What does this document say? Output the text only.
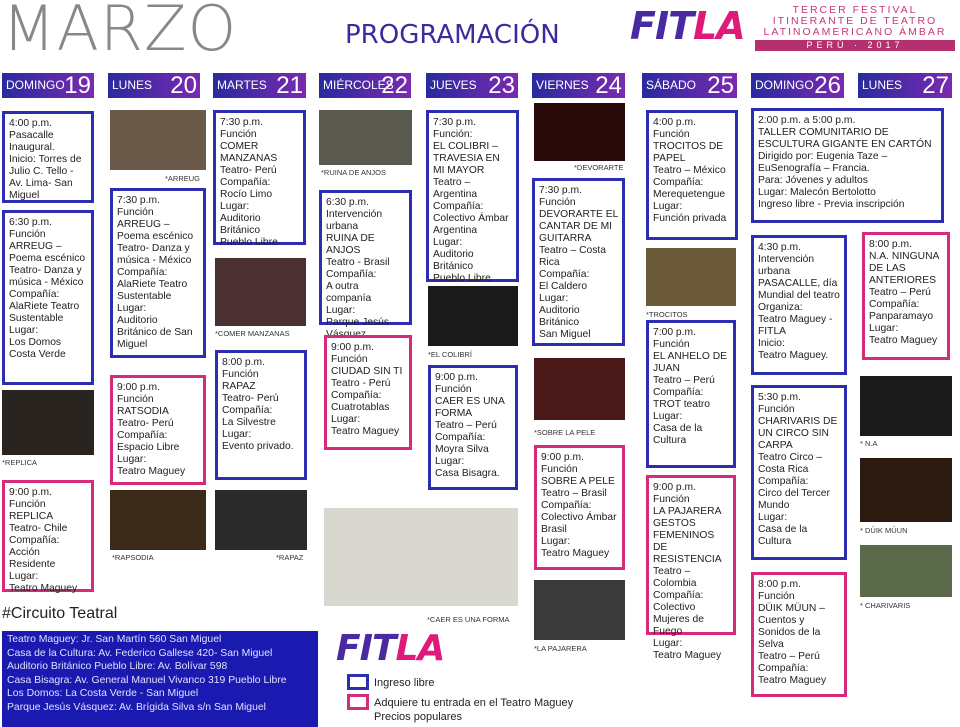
MARZO	PROGRAMACIÓN FITLA	TERCER FESTIVAL
ITINERANTE DE TEATRO
LATINOAMERICANO ÁMBAR
PERÚ · 2017
DOMINGO 19	LUNES 20	MARTES 21	MIÉRCOLES
22	JUEVES 23	VIERNES 24	SÁBADO 25	DOMINGO 26	LUNES 27
4:00 p.m.
Pasacalle Inaugural.
Inicio: Torres de Julio C. Tello - Av. Lima- San Miguel
6:30 p.m.
Función
ARREUG – Poema escénico
Teatro- Danza y música - México
Compañía:
AlaRiete Teatro Sustentable
Lugar:
Los Domos
Costa Verde
9:00 p.m.
Función
REPLICA
Teatro- Chile
Compañía:
Acción Residente
Lugar:
Teatro Maguey
7:30 p.m.
Función
ARREUG – Poema escénico
Teatro- Danza y música - México
Compañía:
AlaRiete Teatro Sustentable
Lugar:
Auditorio Británico de San Miguel
9:00 p.m.
Función
RATSODIA
Teatro- Perú
Compañía:
Espacio Libre
Lugar:
Teatro Maguey
7:30 p.m.
Función
COMER MANZANAS
Teatro- Perú
Compañía:
Rocío Limo
Lugar:
Auditorio Británico
Pueblo Libre
8:00 p.m.
Función
RAPAZ
Teatro- Perú
Compañía:
La Silvestre
Lugar:
Evento privado.
6:30 p.m.
Intervención urbana
RUINA DE ANJOS
Teatro - Brasil
Compañía:
A outra companía
Lugar:
Parque Jesús
9:00 p.m.
Función
CIUDAD SIN TI
Teatro - Perú
Compañía:
Cuatrotablas
Lugar:
Teatro Maguey
7:30 p.m.
Función:
EL COLIBRI – TRAVESIA EN MI MAYOR
Teatro – Argentina
Compañía:
Colectivo Ámbar Argentina
Lugar:
Auditorio Británico
Pueblo Libre
9:00 p.m.
Función
CAER ES UNA FORMA
Teatro – Perú
Compañía:
Moyra Silva
Lugar:
Casa Bisagra.
7:30 p.m.
Función
DEVORARTE EL CANTAR DE MI GUITARRA
Teatro – Costa Rica
Compañía:
El Caldero
Lugar:
Auditorio Británico
San Miguel
9:00 p.m.
Función
SOBRE A PELE
Teatro – Brasil
Compañía:
Colectivo Ámbar Brasil
Lugar:
Teatro Maguey
4:00 p.m.
Función
TROCITOS DE PAPEL
Teatro – México
Compañía:
Merequetengue
Lugar:
Función privada
7:00 p.m.
Función
EL ANHELO DE JUAN
Teatro – Perú
Compañía:
TROT teatro
Lugar:
Casa de la Cultura
9:00 p.m.
Función
LA PAJARERA GESTOS FEMENINOS DE RESISTENCIA
Teatro – Colombia
Compañía:
Colectivo Mujeres de Fuego
Lugar:
Teatro Maguey
2:00 p.m. a 5:00 p.m.
TALLER COMUNITARIO DE ESCULTURA GIGANTE EN CARTÓN
Dirigido por: Eugenia Taze – EuSenografía – Francia.
Para: Jóvenes y adultos
Lugar: Malecón Bertolotto
Ingreso libre - Previa inscripción
4:30 p.m.
Intervención urbana
PASACALLE, día Mundial del teatro
Organiza:
Teatro Maguey - FITLA
Inicio:
Teatro Maguey.
5:30 p.m.
Función
CHARIVARIS DE UN CIRCO SIN CARPA
Teatro Circo – Costa Rica
Compañía:
Circo del Tercer Mundo
Lugar:
Casa de la Cultura
8:00 p.m.
Función
DÜIK MÜUN – Cuentos y Sonidos de la Selva
Teatro – Perú
Compañía:
Teatro Maguey
8:00 p.m.
N.A. NINGUNA DE LAS ANTERIORES
Teatro – Perú
Compañía:
Panparamayo
Lugar:
Teatro Maguey
*ARREUG
*REPLICA
*RAPSODIA
*COMER MANZANAS
*RAPAZ
*RUINA DE ANJOS
*EL COLIBRÍ
*CAER ES UNA FORMA
*DEVORARTE
*SOBRE LA PELE
*LA PAJARERA
*TROCITOS
* N.A
* DÜIK MÜUN
* CHARIVARIS
#Circuito Teatral
Teatro Maguey: Jr. San Martín 560 San Miguel
Casa de la Cultura: Av. Federico Gallese 420- San Miguel
Auditorio Británico Pueblo Libre: Av. Bolívar 598
Casa Bisagra: Av. General Manuel Vivanco 319 Pueblo Libre
Los Domos: La Costa Verde - San Miguel
Parque Jesús Vásquez: Av. Brígida Silva s/n San Miguel
FITLA
Ingreso libre
Adquiere tu entrada en el Teatro Maguey
Precios populares
